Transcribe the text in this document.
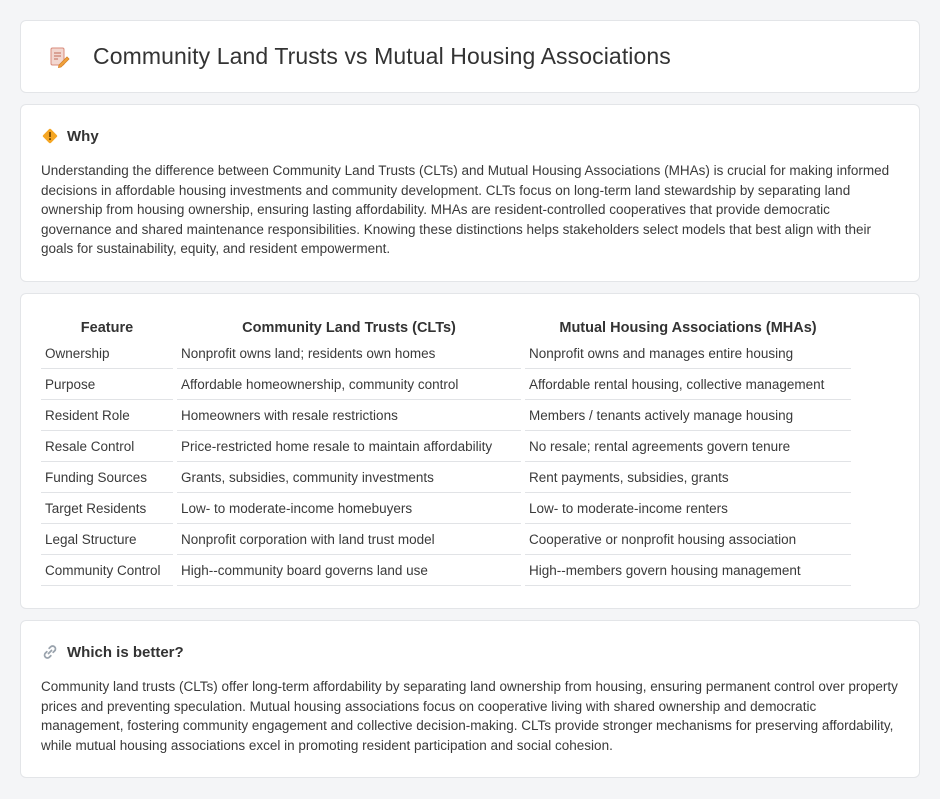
Community Land Trusts vs Mutual Housing Associations
Why

Understanding the difference between Community Land Trusts (CLTs) and Mutual Housing Associations (MHAs) is crucial for making informed decisions in affordable housing investments and community development. CLTs focus on long-term land stewardship by separating land ownership from housing ownership, ensuring lasting affordability. MHAs are resident-controlled cooperatives that provide democratic governance and shared maintenance responsibilities. Knowing these distinctions helps stakeholders select models that best align with their goals for sustainability, equity, and resident empowerment.

Feature	Community Land Trusts (CLTs)	Mutual Housing Associations (MHAs)
Ownership	Nonprofit owns land; residents own homes	Nonprofit owns and manages entire housing
Purpose	Affordable homeownership, community control	Affordable rental housing, collective management
Resident Role	Homeowners with resale restrictions	Members / tenants actively manage housing
Resale Control	Price-restricted home resale to maintain affordability	No resale; rental agreements govern tenure
Funding Sources	Grants, subsidies, community investments	Rent payments, subsidies, grants
Target Residents	Low- to moderate-income homebuyers	Low- to moderate-income renters
Legal Structure	Nonprofit corporation with land trust model	Cooperative or nonprofit housing association
Community Control	High--community board governs land use	High--members govern housing management
Which is better?

Community land trusts (CLTs) offer long-term affordability by separating land ownership from housing, ensuring permanent control over property prices and preventing speculation. Mutual housing associations focus on cooperative living with shared ownership and democratic management, fostering community engagement and collective decision-making. CLTs provide stronger mechanisms for preserving affordability, while mutual housing associations excel in promoting resident participation and social cohesion.
